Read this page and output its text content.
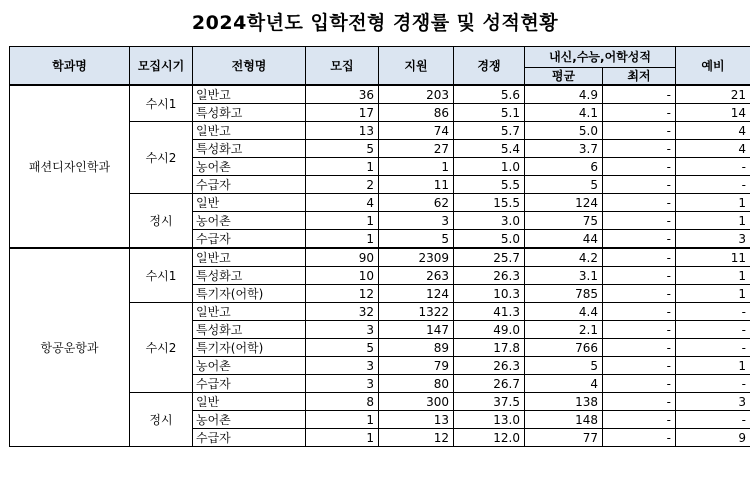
2024학년도 입학전형 경쟁률 및 성적현황
학과명	모집시기	전형명	모집	지원	경쟁	내신,수능,어학성적		예비
						평균	최저	
패션디자인학과	수시1	일반고	36	203	5.6	4.9	-	21
		특성화고	17	86	5.1	4.1	-	14
	수시2	일반고	13	74	5.7	5.0	-	4
		특성화고	5	27	5.4	3.7	-	4
		농어촌	1	1	1.0	6	-	-
		수급자	2	11	5.5	5	-	-
	정시	일반	4	62	15.5	124	-	1
		농어촌	1	3	3.0	75	-	1
		수급자	1	5	5.0	44	-	3
항공운항과	수시1	일반고	90	2309	25.7	4.2	-	11
		특성화고	10	263	26.3	3.1	-	1
		특기자(어학)	12	124	10.3	785	-	1
	수시2	일반고	32	1322	41.3	4.4	-	-
		특성화고	3	147	49.0	2.1	-	-
		특기자(어학)	5	89	17.8	766	-	-
		농어촌	3	79	26.3	5	-	1
		수급자	3	80	26.7	4	-	-
	정시	일반	8	300	37.5	138	-	3
		농어촌	1	13	13.0	148	-	-
		수급자	1	12	12.0	77	-	9
